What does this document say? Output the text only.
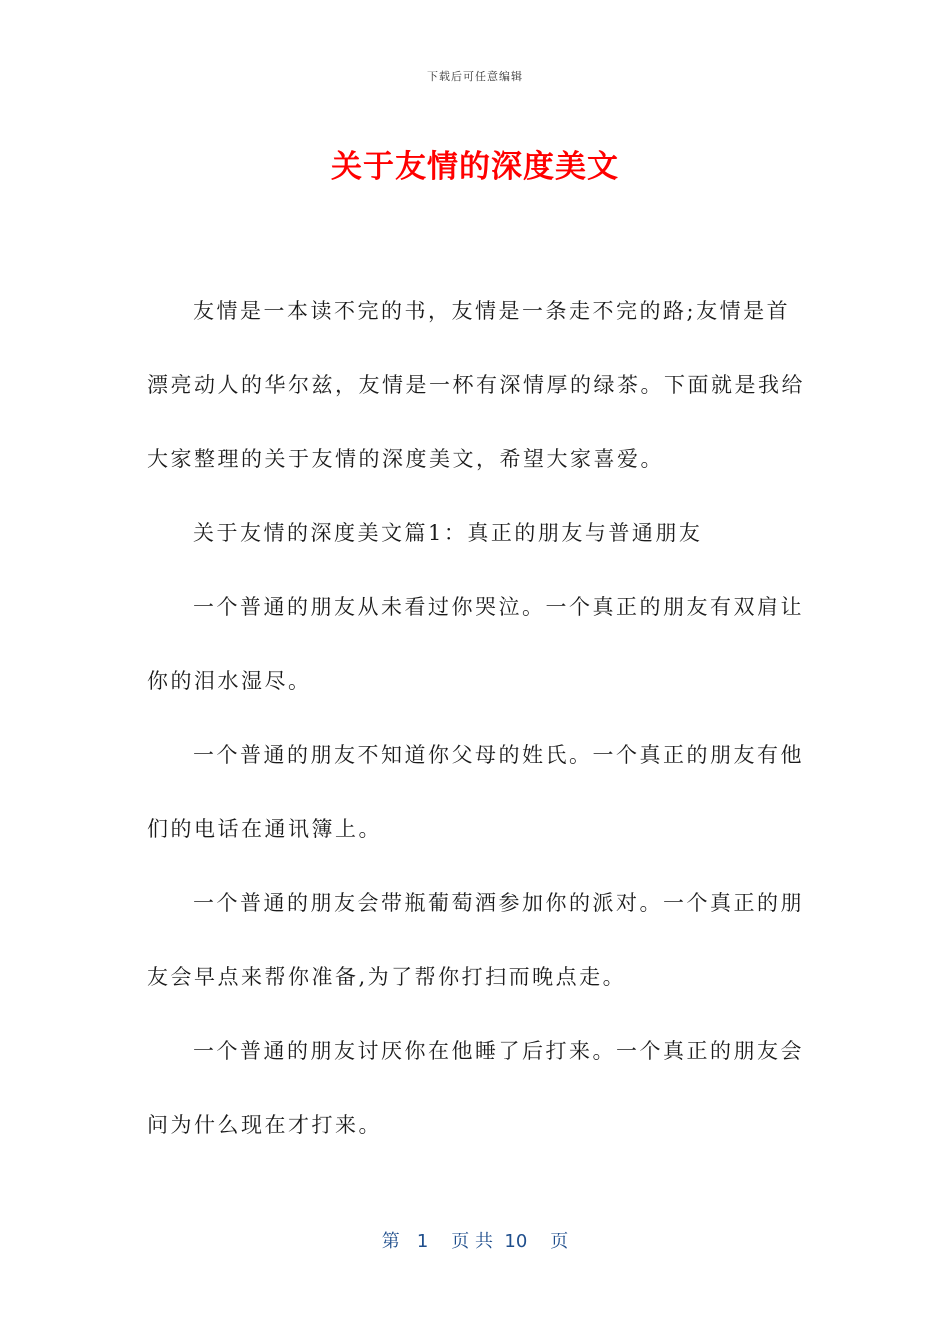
下载后可任意编辑
关于友情的深度美文

友情是一本读不完的书，友情是一条走不完的路;友情是首漂亮动人的华尔兹，友情是一杯有深情厚的绿茶。下面就是我给大家整理的关于友情的深度美文，希望大家喜爱。

关于友情的深度美文篇1：真正的朋友与普通朋友

一个普通的朋友从未看过你哭泣。一个真正的朋友有双肩让你的泪水湿尽。

一个普通的朋友不知道你父母的姓氏。一个真正的朋友有他们的电话在通讯簿上。

一个普通的朋友会带瓶葡萄酒参加你的派对。一个真正的朋友会早点来帮你准备,为了帮你打扫而晚点走。

一个普通的朋友讨厌你在他睡了后打来。一个真正的朋友会问为什么现在才打来。

第   1    页 共  10    页
